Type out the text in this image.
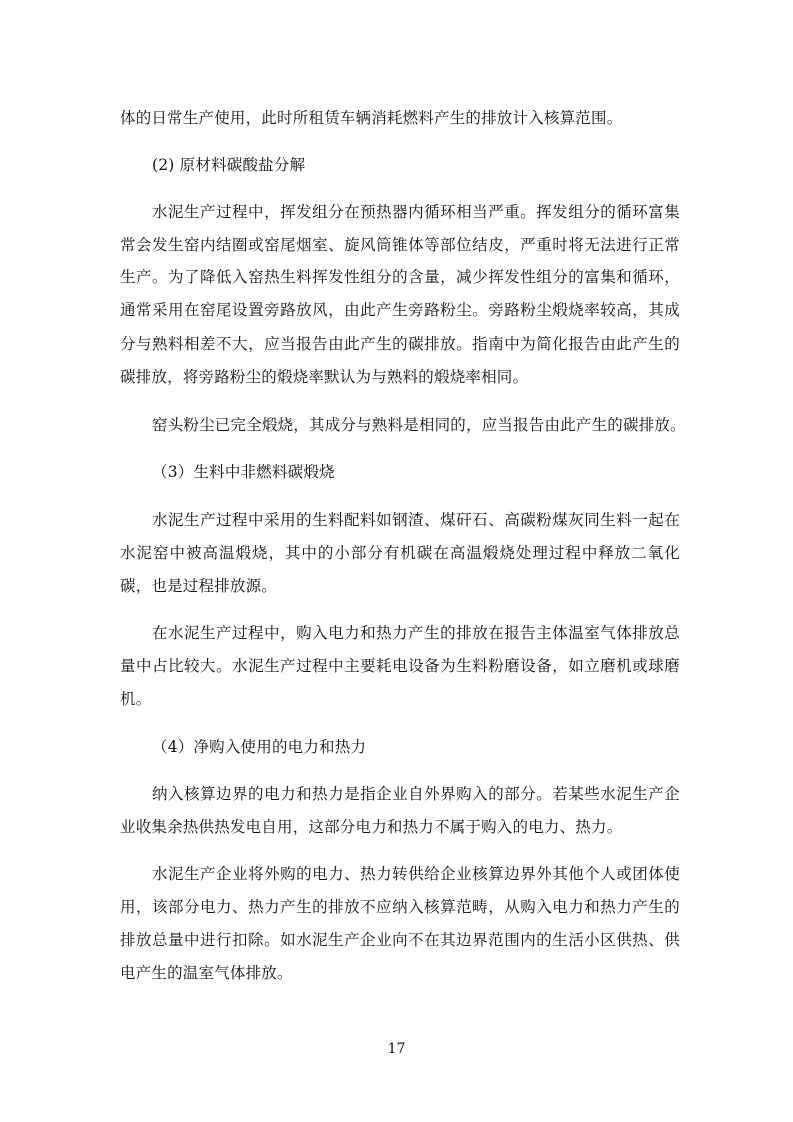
体的日常生产使用，此时所租赁车辆消耗燃料产生的排放计入核算范围。
(2) 原材料碳酸盐分解
水泥生产过程中，挥发组分在预热器内循环相当严重。挥发组分的循环富集
常会发生窑内结圈或窑尾烟室、旋风筒锥体等部位结皮，严重时将无法进行正常
生产。为了降低入窑热生料挥发性组分的含量，减少挥发性组分的富集和循环，
通常采用在窑尾设置旁路放风，由此产生旁路粉尘。旁路粉尘煅烧率较高，其成
分与熟料相差不大，应当报告由此产生的碳排放。指南中为简化报告由此产生的
碳排放，将旁路粉尘的煅烧率默认为与熟料的煅烧率相同。
窑头粉尘已完全煅烧，其成分与熟料是相同的，应当报告由此产生的碳排放。
（3）生料中非燃料碳煅烧
水泥生产过程中采用的生料配料如钢渣、煤矸石、高碳粉煤灰同生料一起在
水泥窑中被高温煅烧，其中的小部分有机碳在高温煅烧处理过程中释放二氧化
碳，也是过程排放源。
在水泥生产过程中，购入电力和热力产生的排放在报告主体温室气体排放总
量中占比较大。水泥生产过程中主要耗电设备为生料粉磨设备，如立磨机或球磨
机。
（4）净购入使用的电力和热力
纳入核算边界的电力和热力是指企业自外界购入的部分。若某些水泥生产企
业收集余热供热发电自用，这部分电力和热力不属于购入的电力、热力。
水泥生产企业将外购的电力、热力转供给企业核算边界外其他个人或团体使
用，该部分电力、热力产生的排放不应纳入核算范畴，从购入电力和热力产生的
排放总量中进行扣除。如水泥生产企业向不在其边界范围内的生活小区供热、供
电产生的温室气体排放。
17
